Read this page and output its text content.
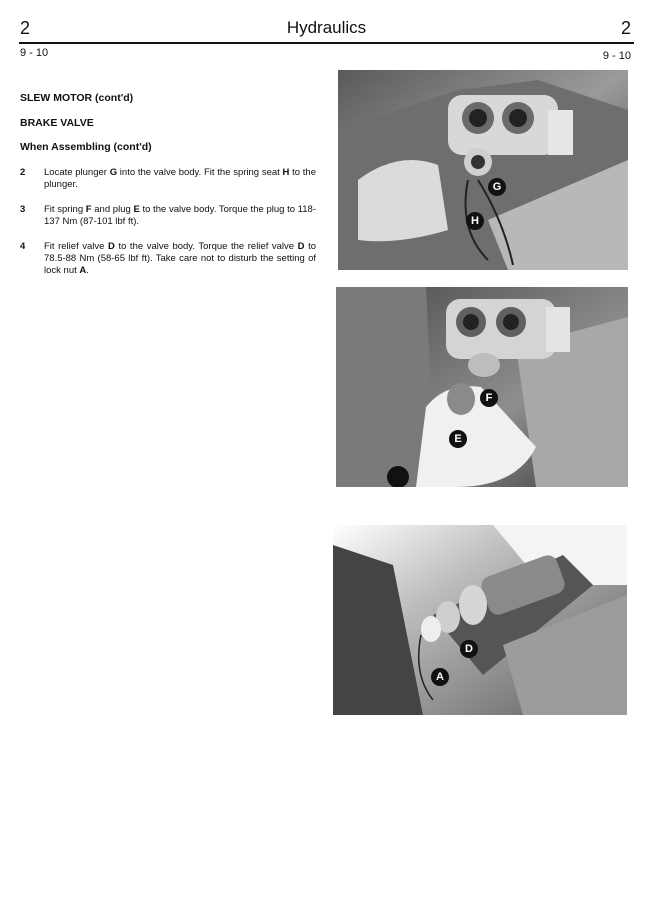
2	Hydraulics	2
9 - 10	9 - 10
SLEW MOTOR (cont'd)
BRAKE VALVE
When Assembling (cont'd)
2 Locate plunger G into the valve body. Fit the spring seat H to the plunger.
3 Fit spring F and plug E to the valve body. Torque the plug to 118-137 Nm (87-101 lbf ft).
4 Fit relief valve D to the valve body. Torque the relief valve D to 78.5-88 Nm (58-65 lbf ft). Take care not to disturb the setting of lock nut A.
G
H
F
E
D
A
